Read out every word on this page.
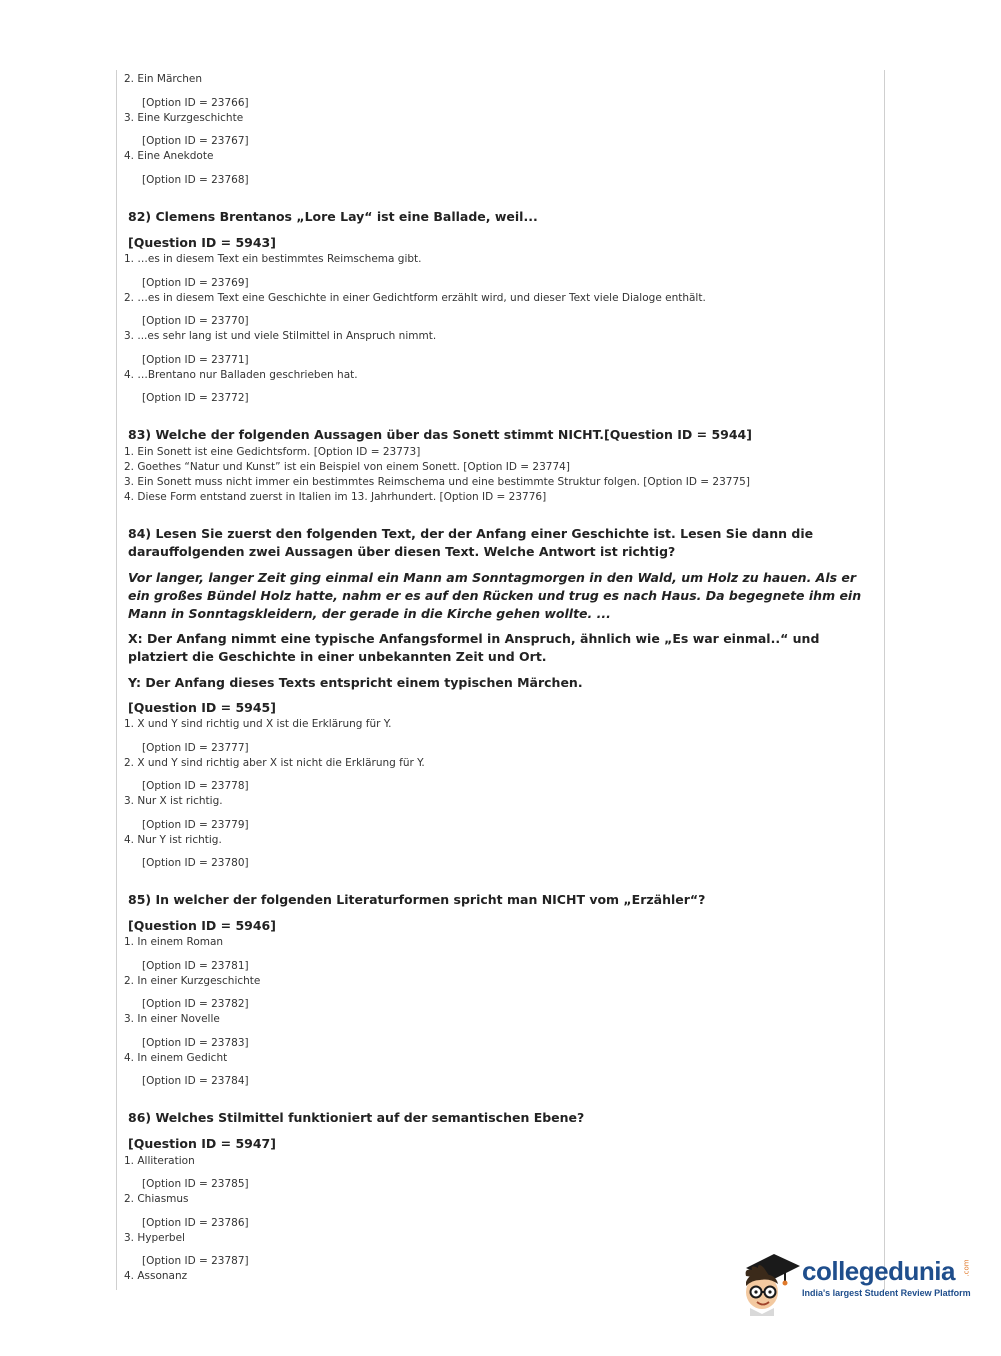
2. Ein Märchen
[Option ID = 23766]
3. Eine Kurzgeschichte
[Option ID = 23767]
4. Eine Anekdote
[Option ID = 23768]
82) Clemens Brentanos „Lore Lay“ ist eine Ballade, weil...
[Question ID = 5943]
1. …es in diesem Text ein bestimmtes Reimschema gibt.
[Option ID = 23769]
2. …es in diesem Text eine Geschichte in einer Gedichtform erzählt wird, und dieser Text viele Dialoge enthält.
[Option ID = 23770]
3. ...es sehr lang ist und viele Stilmittel in Anspruch nimmt.
[Option ID = 23771]
4. …Brentano nur Balladen geschrieben hat.
[Option ID = 23772]
83) Welche der folgenden Aussagen über das Sonett stimmt NICHT.[Question ID = 5944]
1. Ein Sonett ist eine Gedichtsform. [Option ID = 23773]
2. Goethes “Natur und Kunst” ist ein Beispiel von einem Sonett. [Option ID = 23774]
3. Ein Sonett muss nicht immer ein bestimmtes Reimschema und eine bestimmte Struktur folgen. [Option ID = 23775]
4. Diese Form entstand zuerst in Italien im 13. Jahrhundert. [Option ID = 23776]
84) Lesen Sie zuerst den folgenden Text, der der Anfang einer Geschichte ist. Lesen Sie dann die darauffolgenden zwei Aussagen über diesen Text. Welche Antwort ist richtig?
Vor langer, langer Zeit ging einmal ein Mann am Sonntagmorgen in den Wald, um Holz zu hauen. Als er ein großes Bündel Holz hatte, nahm er es auf den Rücken und trug es nach Haus. Da begegnete ihm ein Mann in Sonntagskleidern, der gerade in die Kirche gehen wollte. ...
X: Der Anfang nimmt eine typische Anfangsformel in Anspruch, ähnlich wie „Es war einmal..“ und platziert die Geschichte in einer unbekannten Zeit und Ort.
Y: Der Anfang dieses Texts entspricht einem typischen Märchen.
[Question ID = 5945]
1. X und Y sind richtig und X ist die Erklärung für Y.
[Option ID = 23777]
2. X und Y sind richtig aber X ist nicht die Erklärung für Y.
[Option ID = 23778]
3. Nur X ist richtig.
[Option ID = 23779]
4. Nur Y ist richtig.
[Option ID = 23780]
85) In welcher der folgenden Literaturformen spricht man NICHT vom „Erzähler“?
[Question ID = 5946]
1. In einem Roman
[Option ID = 23781]
2. In einer Kurzgeschichte
[Option ID = 23782]
3. In einer Novelle
[Option ID = 23783]
4. In einem Gedicht
[Option ID = 23784]
86) Welches Stilmittel funktioniert auf der semantischen Ebene?
[Question ID = 5947]
1. Alliteration
[Option ID = 23785]
2. Chiasmus
[Option ID = 23786]
3. Hyperbel
[Option ID = 23787]
4. Assonanz	collegedunia .com
India's largest Student Review Platform
